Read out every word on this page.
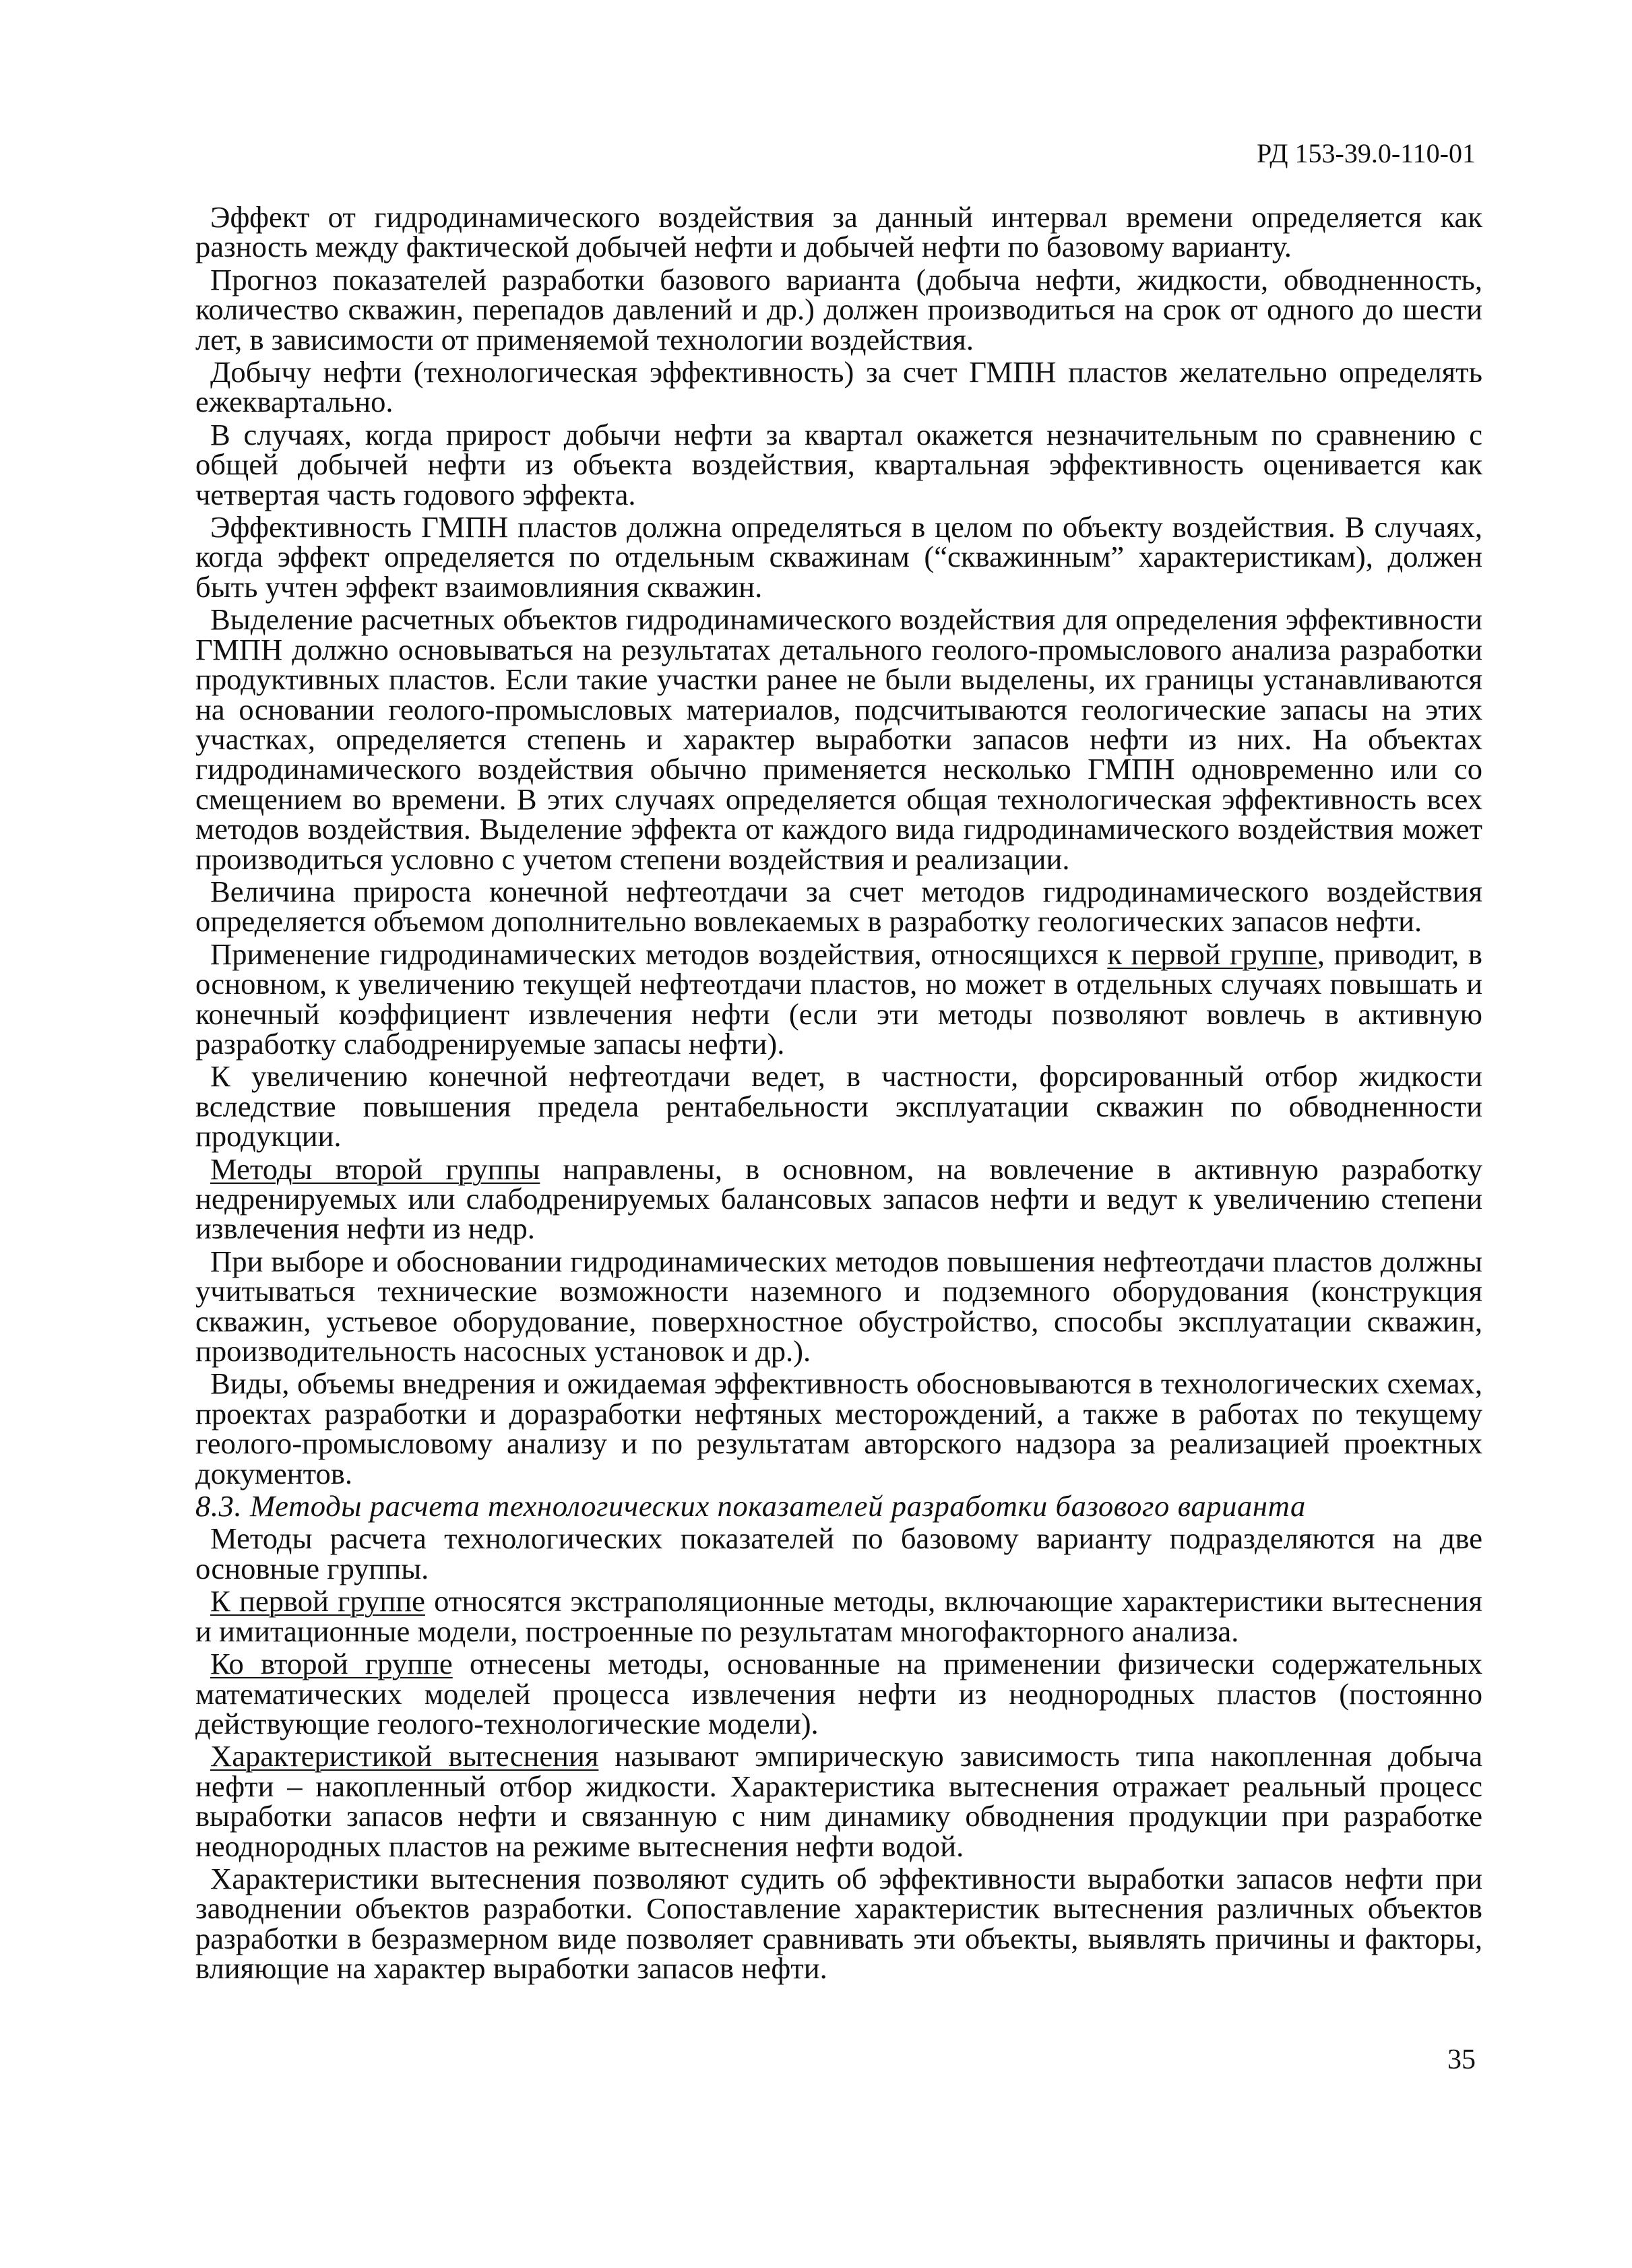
РД 153-39.0-110-01

Эффект от гидродинамического воздействия за данный интервал времени определяется как разность между фактической добычей нефти и добычей нефти по базовому варианту.

Прогноз показателей разработки базового варианта (добыча нефти, жидкости, обводненность, количество скважин, перепадов давлений и др.) должен производиться на срок от одного до шести лет, в зависимости от применяемой технологии воздействия.

Добычу нефти (технологическая эффективность) за счет ГМПН пластов желательно определять ежеквартально.

В случаях, когда прирост добычи нефти за квартал окажется незначительным по сравнению с общей добычей нефти из объекта воздействия, квартальная эффективность оценивается как четвертая часть годового эффекта.

Эффективность ГМПН пластов должна определяться в целом по объекту воздействия. В случаях, когда эффект определяется по отдельным скважинам (“скважинным” характеристикам), должен быть учтен эффект взаимовлияния скважин.

Выделение расчетных объектов гидродинамического воздействия для определения эффективности ГМПН должно основываться на результатах детального геолого-промыслового анализа разработки продуктивных пластов. Если такие участки ранее не были выделены, их границы устанавливаются на основании геолого-промысловых материалов, подсчитываются геологические запасы на этих участках, определяется степень и характер выработки запасов нефти из них. На объектах гидродинамического воздействия обычно применяется несколько ГМПН одновременно или со смещением во времени. В этих случаях определяется общая технологическая эффективность всех методов воздействия. Выделение эффекта от каждого вида гидродинамического воздействия может производиться условно с учетом степени воздействия и реализации.

Величина прироста конечной нефтеотдачи за счет методов гидродинамического воздействия определяется объемом дополнительно вовлекаемых в разработку геологических запасов нефти.

Применение гидродинамических методов воздействия, относящихся к первой группе, приводит, в основном, к увеличению текущей нефтеотдачи пластов, но может в отдельных случаях повышать и конечный коэффициент извлечения нефти (если эти методы позволяют вовлечь в активную разработку слабодренируемые запасы нефти).

К увеличению конечной нефтеотдачи ведет, в частности, форсированный отбор жидкости вследствие повышения предела рентабельности эксплуатации скважин по обводненности продукции.

Методы второй группы направлены, в основном, на вовлечение в активную разработку недренируемых или слабодренируемых балансовых запасов нефти и ведут к увеличению степени извлечения нефти из недр.

При выборе и обосновании гидродинамических методов повышения нефтеотдачи пластов должны учитываться технические возможности наземного и подземного оборудования (конструкция скважин, устьевое оборудование, поверхностное обустройство, способы эксплуатации скважин, производительность насосных установок и др.).

Виды, объемы внедрения и ожидаемая эффективность обосновываются в технологических схемах, проектах разработки и доразработки нефтяных месторождений, а также в работах по текущему геолого-промысловому анализу и по результатам авторского надзора за реализацией проектных документов.

8.3. Методы расчета технологических показателей разработки базового варианта

Методы расчета технологических показателей по базовому варианту подразделяются на две основные группы.

К первой группе относятся экстраполяционные методы, включающие характеристики вытеснения и имитационные модели, построенные по результатам многофакторного анализа.

Ко второй группе отнесены методы, основанные на применении физически содержательных математических моделей процесса извлечения нефти из неоднородных пластов (постоянно действующие геолого-технологические модели).

Характеристикой вытеснения называют эмпирическую зависимость типа накопленная добыча нефти – накопленный отбор жидкости. Характеристика вытеснения отражает реальный процесс выработки запасов нефти и связанную с ним динамику обводнения продукции при разработке неоднородных пластов на режиме вытеснения нефти водой.

Характеристики вытеснения позволяют судить об эффективности выработки запасов нефти при заводнении объектов разработки. Сопоставление характеристик вытеснения различных объектов разработки в безразмерном виде позволяет сравнивать эти объекты, выявлять причины и факторы, влияющие на характер выработки запасов нефти.

35
